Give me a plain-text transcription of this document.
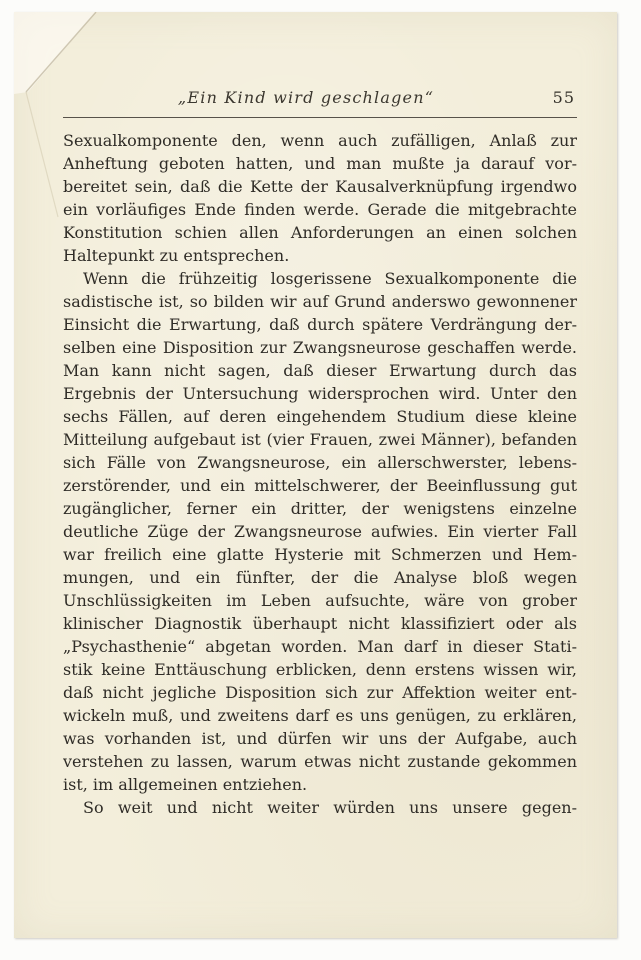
„Ein Kind wird geschlagen“	55
Sexualkomponente den, wenn auch zufälligen, Anlaß zur
Anheftung geboten hatten, und man mußte ja darauf vor-
bereitet sein, daß die Kette der Kausalverknüpfung irgendwo
ein vorläufiges Ende finden werde. Gerade die mitgebrachte
Konstitution schien allen Anforderungen an einen solchen
Haltepunkt zu entsprechen.
Wenn die frühzeitig losgerissene Sexualkomponente die
sadistische ist, so bilden wir auf Grund anderswo gewonnener
Einsicht die Erwartung, daß durch spätere Verdrängung der-
selben eine Disposition zur Zwangsneurose geschaffen werde.
Man kann nicht sagen, daß dieser Erwartung durch das
Ergebnis der Untersuchung widersprochen wird. Unter den
sechs Fällen, auf deren eingehendem Studium diese kleine
Mitteilung aufgebaut ist (vier Frauen, zwei Männer), befanden
sich Fälle von Zwangsneurose, ein allerschwerster, lebens-
zerstörender, und ein mittelschwerer, der Beeinflussung gut
zugänglicher, ferner ein dritter, der wenigstens einzelne
deutliche Züge der Zwangsneurose aufwies. Ein vierter Fall
war freilich eine glatte Hysterie mit Schmerzen und Hem-
mungen, und ein fünfter, der die Analyse bloß wegen
Unschlüssigkeiten im Leben aufsuchte, wäre von grober
klinischer Diagnostik überhaupt nicht klassifiziert oder als
„Psychasthenie“ abgetan worden. Man darf in dieser Stati-
stik keine Enttäuschung erblicken, denn erstens wissen wir,
daß nicht jegliche Disposition sich zur Affektion weiter ent-
wickeln muß, und zweitens darf es uns genügen, zu erklären,
was vorhanden ist, und dürfen wir uns der Aufgabe, auch
verstehen zu lassen, warum etwas nicht zustande gekommen
ist, im allgemeinen entziehen.
So weit und nicht weiter würden uns unsere gegen-
